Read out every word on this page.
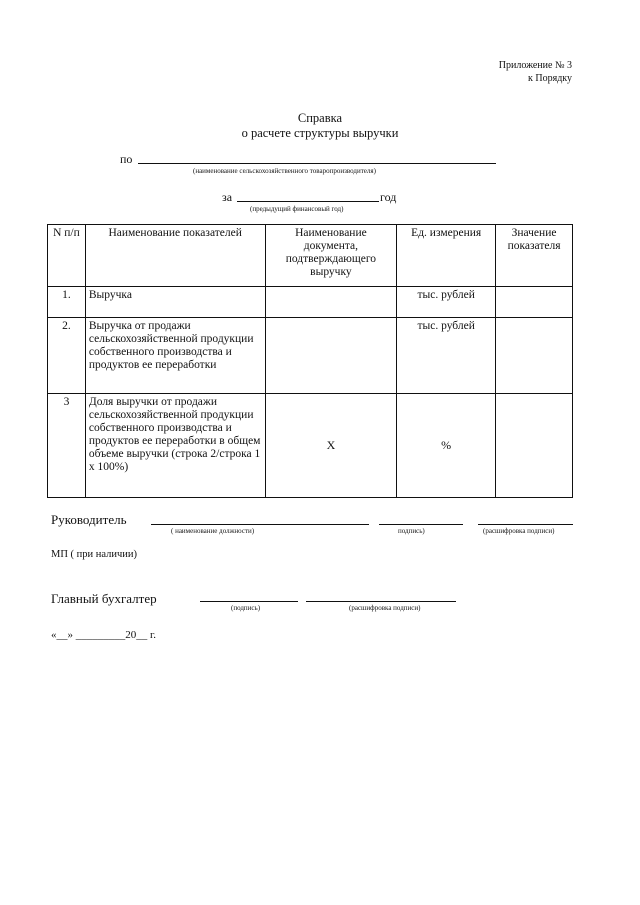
Приложение № 3
к Порядку
Справка
о расчете структуры выручки
по
(наименование сельскохозяйственного товаропроизводителя)
за	год
(предыдущий финансовый год)
N п/п	Наименование показателей	Наименование документа, подтверждающего выручку	Ед. измерения	Значение показателя
1.	Выручка		тыс. рублей	
2.	Выручка от продажи сельскохозяйственной продукции собственного производства и продуктов ее переработки		тыс. рублей	
3	Доля выручки от продажи сельскохозяйственной продукции собственного производства и продуктов ее переработки в общем объеме выручки (строка 2/строка 1 х 100%)	X	%	
Руководитель
( наименование должности)	подпись)	(расшифровка подписи)
МП ( при наличии)
Главный бухгалтер
(подпись)	(расшифровка подписи)
«__» _________20__ г.
